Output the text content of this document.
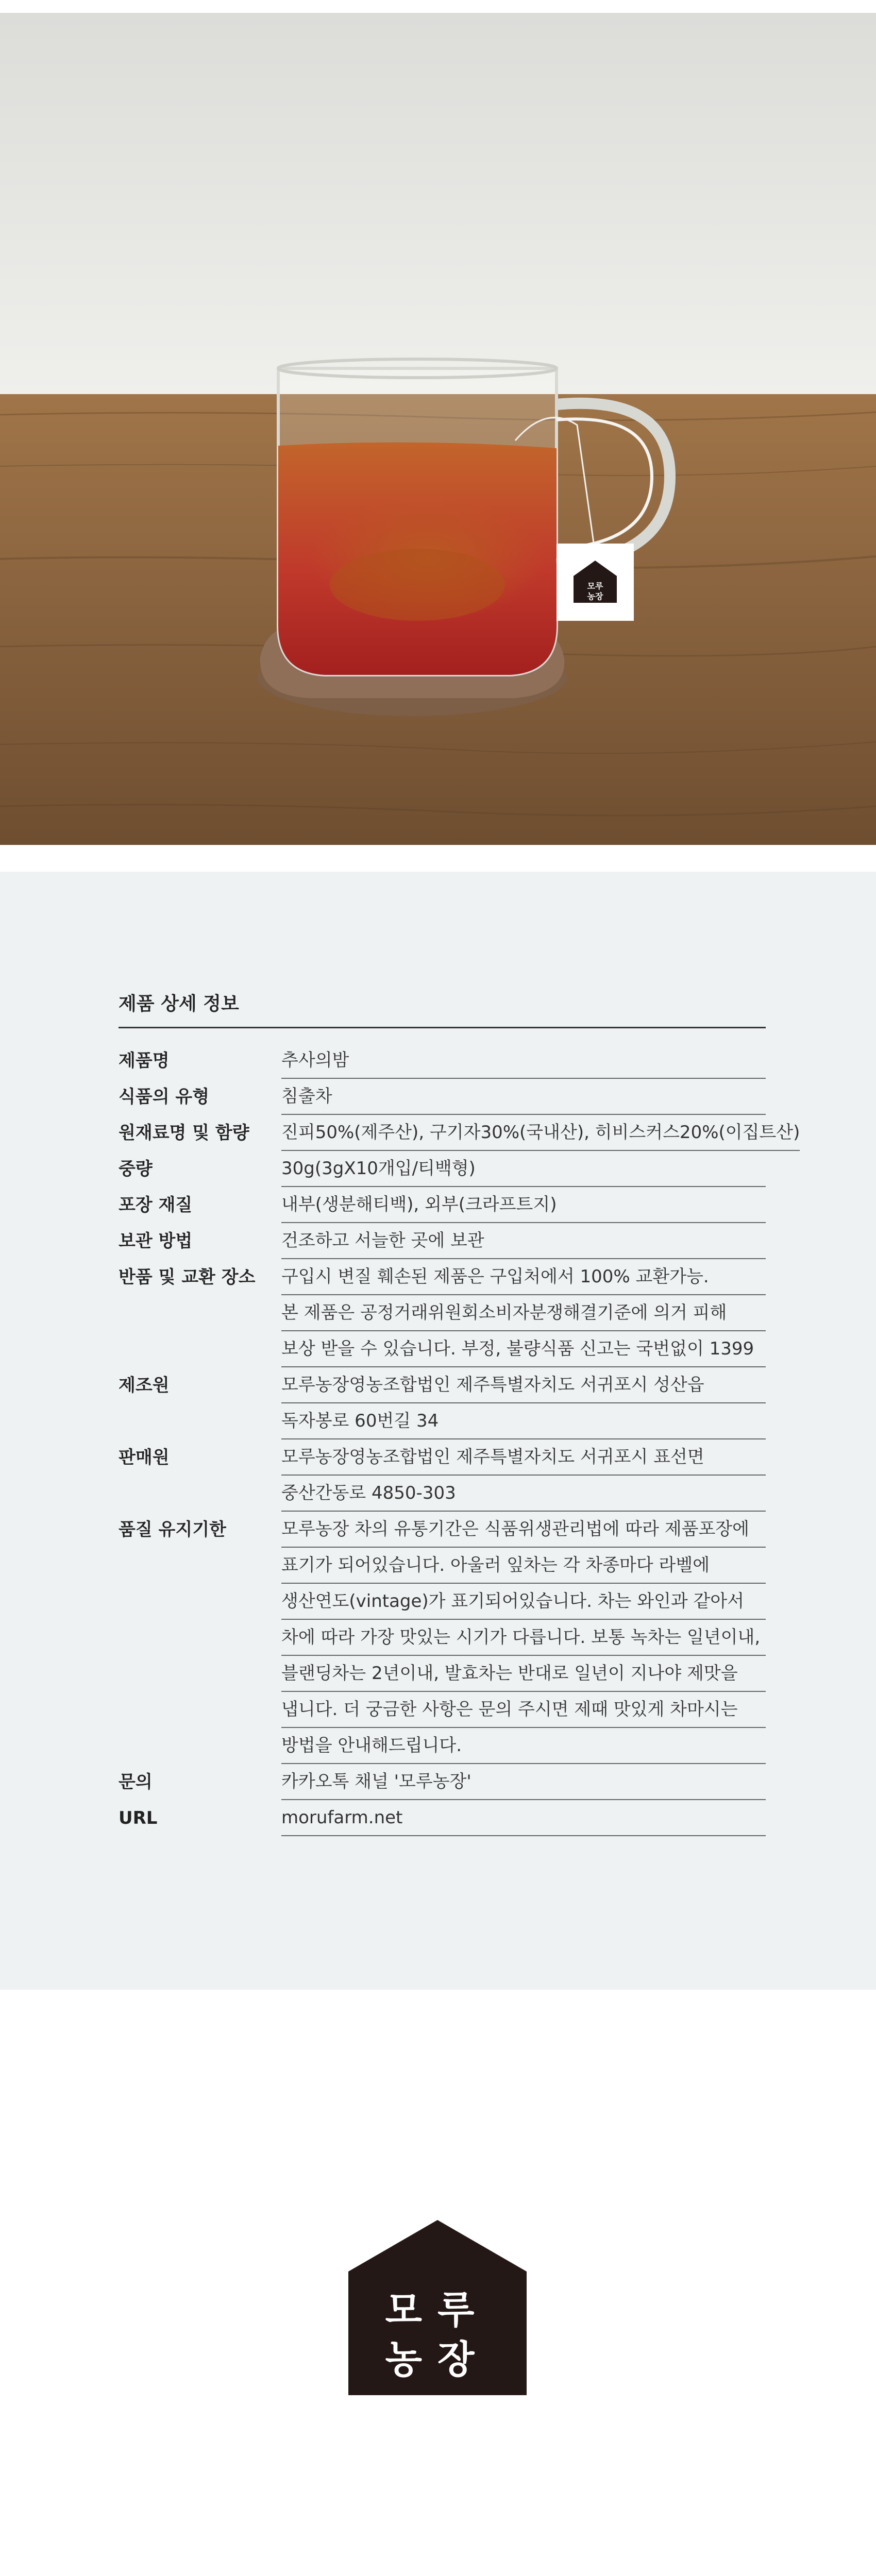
모루
농장
제품 상세 정보
제품명	추사의밤
식품의 유형	침출차
원재료명 및 함량	진피50%(제주산), 구기자30%(국내산), 히비스커스20%(이집트산)
중량	30g(3gX10개입/티백형)
포장 재질	내부(생분해티백), 외부(크라프트지)
보관 방법	건조하고 서늘한 곳에 보관
반품 및 교환 장소	구입시 변질 훼손된 제품은 구입처에서 100% 교환가능.
본 제품은 공정거래위원회소비자분쟁해결기준에 의거 피해
보상 받을 수 있습니다. 부정, 불량식품 신고는 국번없이 1399
제조원	모루농장영농조합법인 제주특별자치도 서귀포시 성산읍
독자봉로 60번길 34
판매원	모루농장영농조합법인 제주특별자치도 서귀포시 표선면
중산간동로 4850-303
품질 유지기한	모루농장 차의 유통기간은 식품위생관리법에 따라 제품포장에
표기가 되어있습니다. 아울러 잎차는 각 차종마다 라벨에
생산연도(vintage)가 표기되어있습니다. 차는 와인과 같아서
차에 따라 가장 맛있는 시기가 다릅니다. 보통 녹차는 일년이내,
블랜딩차는 2년이내, 발효차는 반대로 일년이 지나야 제맛을
냅니다. 더 궁금한 사항은 문의 주시면 제때 맛있게 차마시는
방법을 안내해드립니다.
문의	카카오톡 채널 '모루농장'
URL	morufarm.net
모루
농장
